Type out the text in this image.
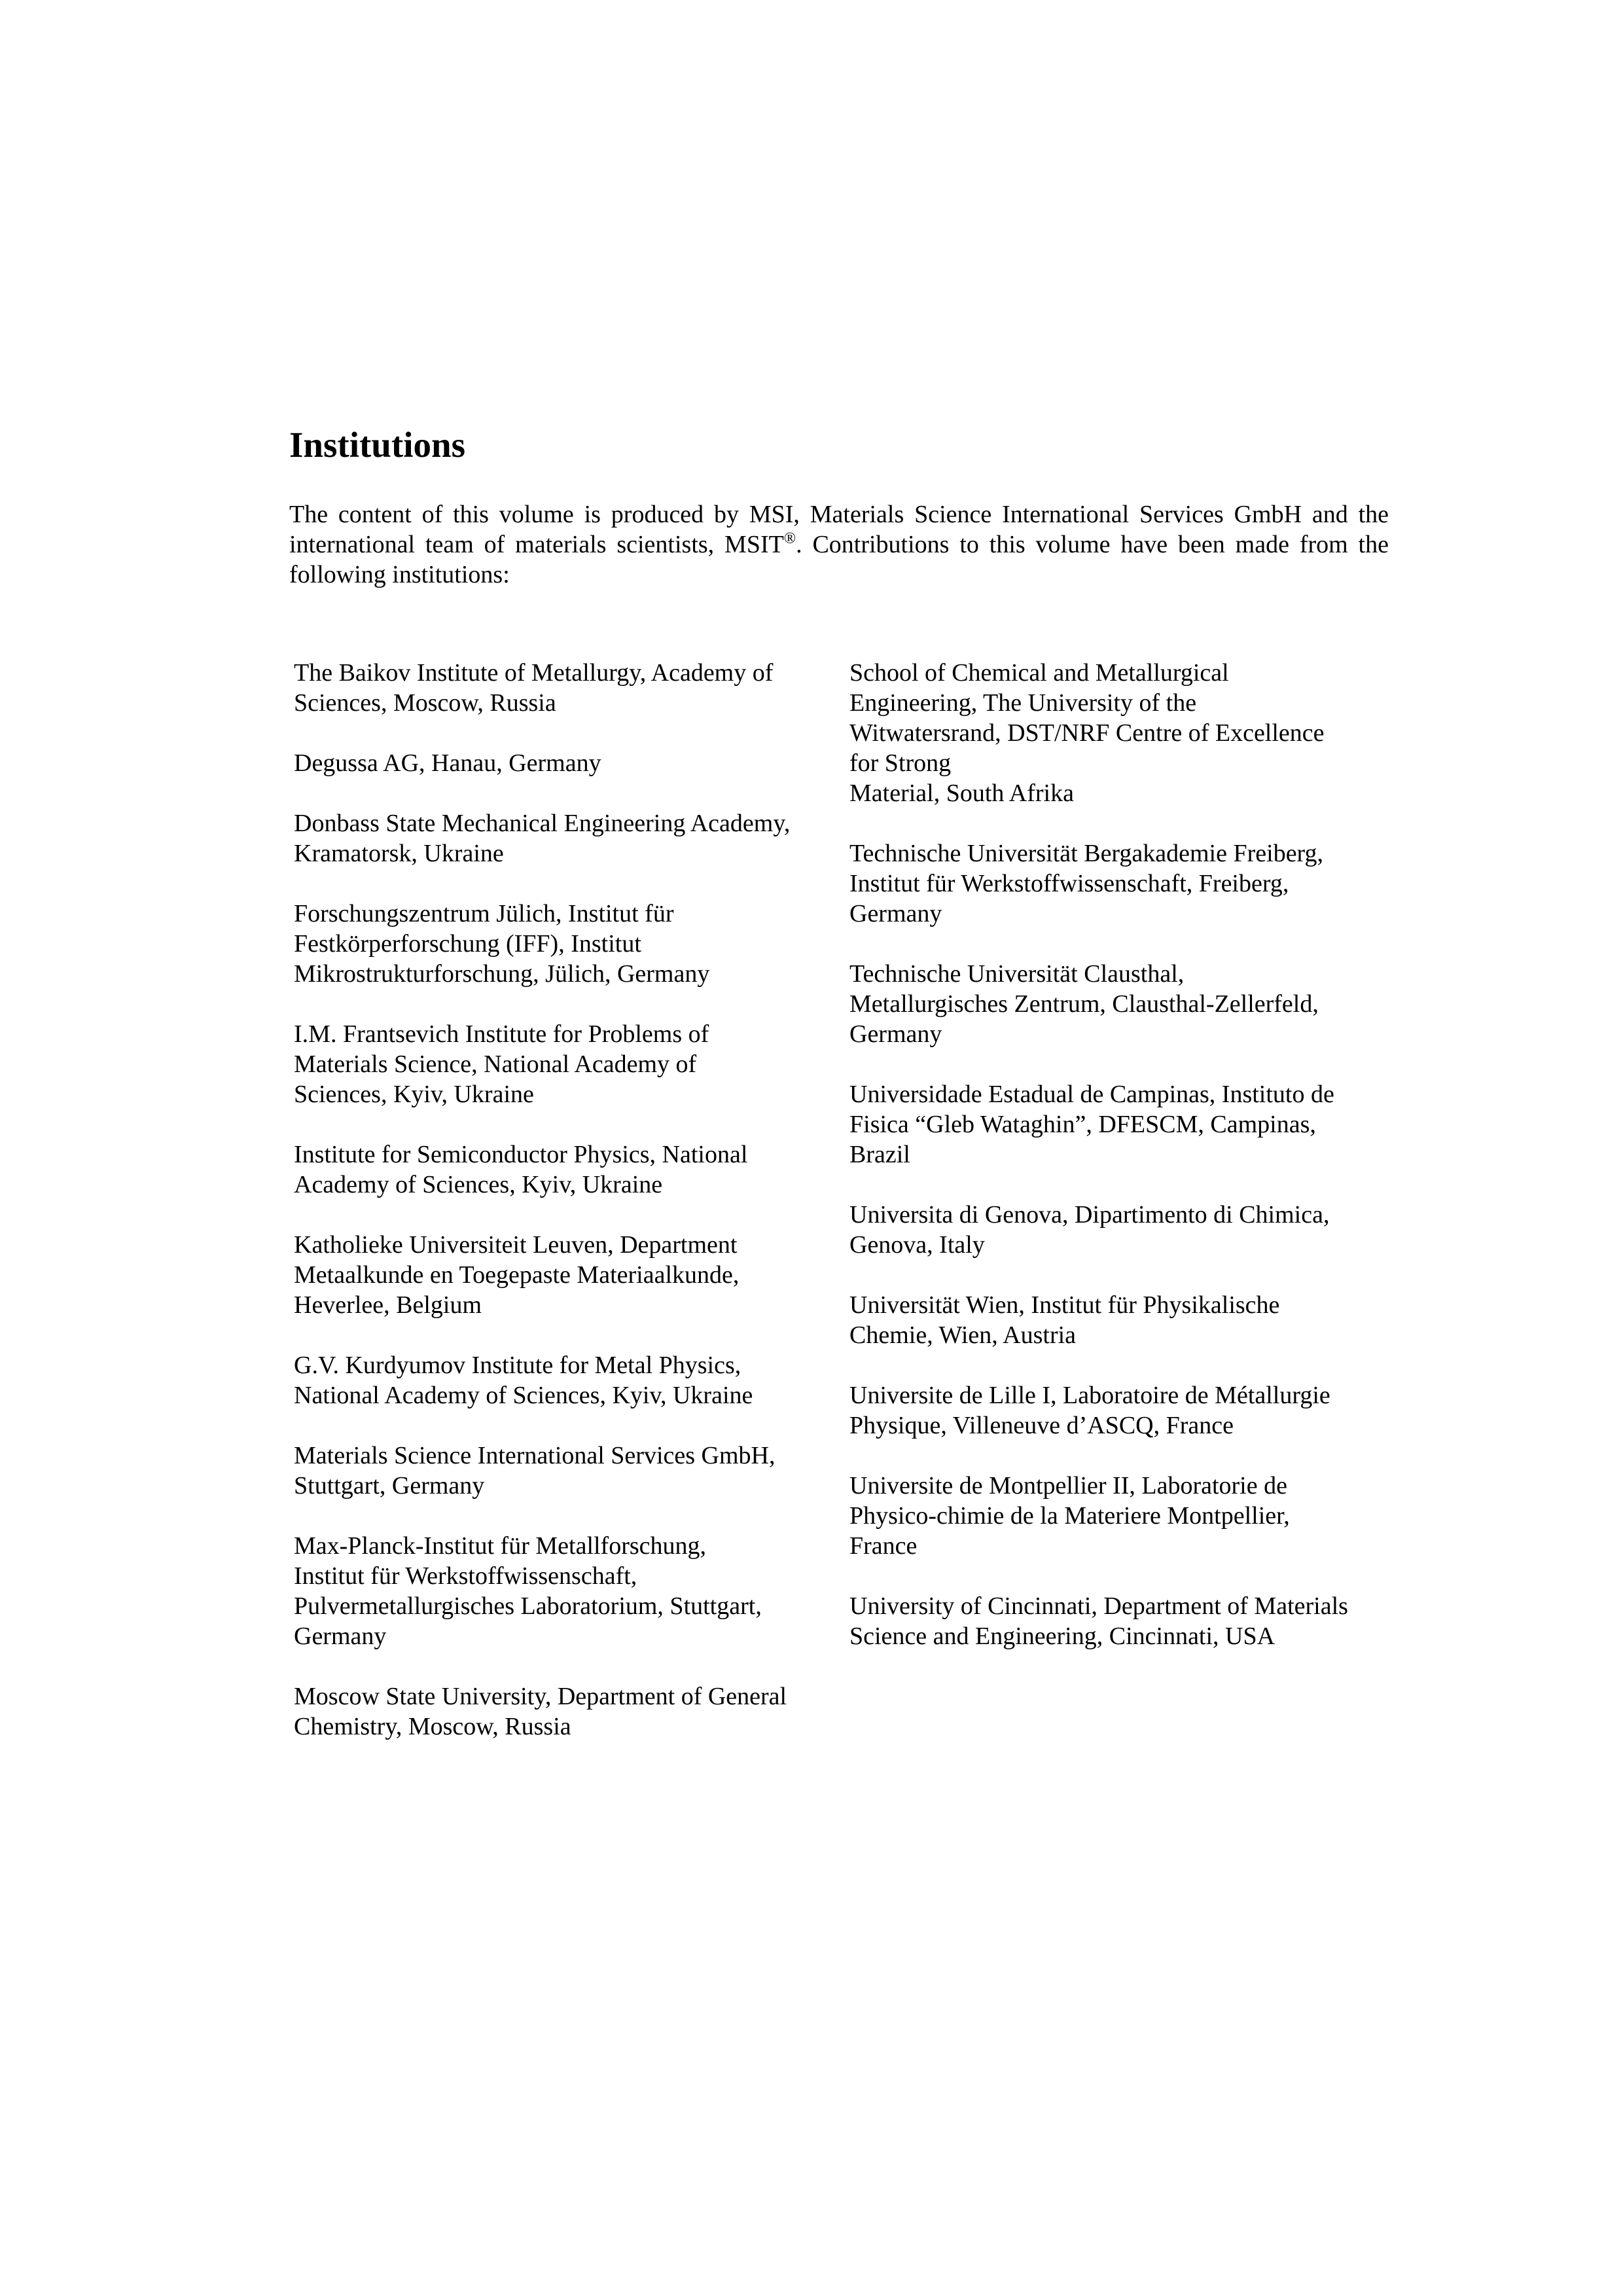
Institutions

The content of this volume is produced by MSI, Materials Science International Services GmbH and the international team of materials scientists, MSIT®. Contributions to this volume have been made from the following institutions:

The Baikov Institute of Metallurgy, Academy of
Sciences, Moscow, Russia
Degussa AG, Hanau, Germany
Donbass State Mechanical Engineering Academy,
Kramatorsk, Ukraine
Forschungszentrum Jülich, Institut für
Festkörperforschung (IFF), Institut
Mikrostrukturforschung, Jülich, Germany
I.M. Frantsevich Institute for Problems of
Materials Science, National Academy of
Sciences, Kyiv, Ukraine
Institute for Semiconductor Physics, National
Academy of Sciences, Kyiv, Ukraine
Katholieke Universiteit Leuven, Department
Metaalkunde en Toegepaste Materiaalkunde,
Heverlee, Belgium
G.V. Kurdyumov Institute for Metal Physics,
National Academy of Sciences, Kyiv, Ukraine
Materials Science International Services GmbH,
Stuttgart, Germany
Max-Planck-Institut für Metallforschung,
Institut für Werkstoffwissenschaft,
Pulvermetallurgisches Laboratorium, Stuttgart,
Germany
Moscow State University, Department of General
Chemistry, Moscow, Russia
School of Chemical and Metallurgical
Engineering, The University of the
Witwatersrand, DST/NRF Centre of Excellence
for Strong
Material, South Afrika
Technische Universität Bergakademie Freiberg,
Institut für Werkstoffwissenschaft, Freiberg,
Germany
Technische Universität Clausthal,
Metallurgisches Zentrum, Clausthal-Zellerfeld,
Germany
Universidade Estadual de Campinas, Instituto de
Fisica “Gleb Wataghin”, DFESCM, Campinas,
Brazil
Universita di Genova, Dipartimento di Chimica,
Genova, Italy
Universität Wien, Institut für Physikalische
Chemie, Wien, Austria
Universite de Lille I, Laboratoire de Métallurgie
Physique, Villeneuve d’ASCQ, France
Universite de Montpellier II, Laboratorie de
Physico-chimie de la Materiere Montpellier,
France
University of Cincinnati, Department of Materials
Science and Engineering, Cincinnati, USA
